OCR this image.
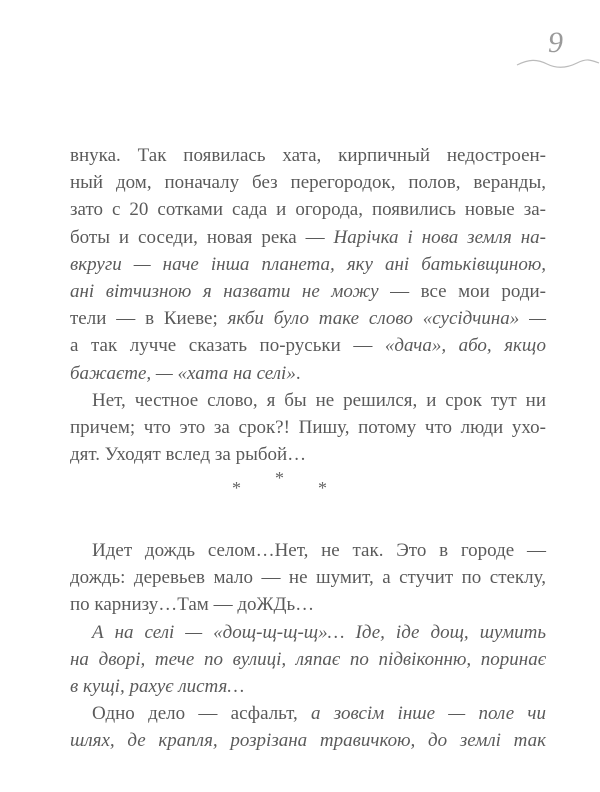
9
внука. Так появилась хата, кирпичный недостроен-
ный дом, поначалу без перегородок, полов, веранды,
зато с 20 сотками сада и огорода, появились новые за-
боты и соседи, новая река — Нарічка і нова земля на-
вкруги — наче інша планета, яку ані батьківщиною,
ані вітчизною я назвати не можу — все мои роди-
тели — в Киеве; якби було таке слово «сусідчина» —
а так лучче сказать по-руськи — «дача», або, якщо
бажаєте, — «хата на селі».
Нет, честное слово, я бы не решился, и срок тут ни
причем; что это за срок?! Пишу, потому что люди ухо-
дят. Уходят вслед за рыбой…
* * *
Идет дождь селом…Нет, не так. Это в городе —
дождь: деревьев мало — не шумит, а стучит по стеклу,
по карнизу…Там — доЖДь…
А на селі — «дощ-щ-щ-щ»… Іде, іде дощ, шумить
на дворі, тече по вулиці, ляпає по підвіконню, поринає
в кущі, рахує листя…
Одно дело — асфальт, а зовсім інше — поле чи
шлях, де крапля, розрізана травичкою, до землі так
